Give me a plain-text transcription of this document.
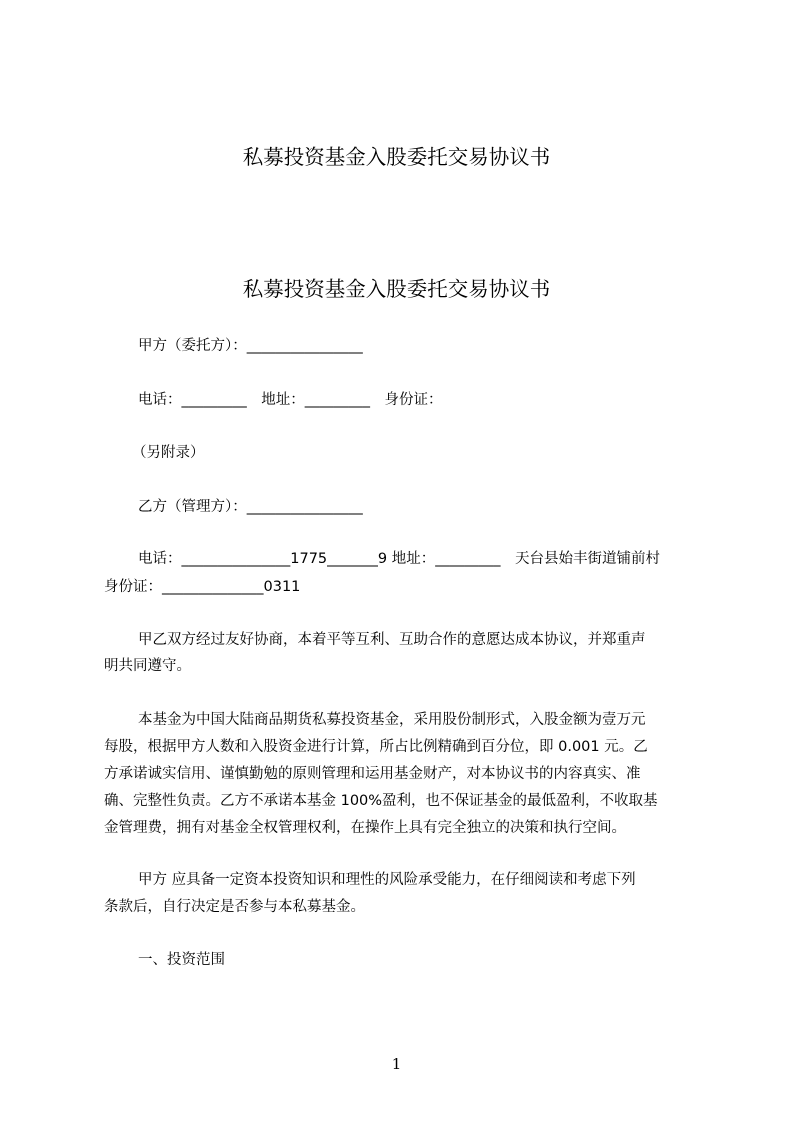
私募投资基金入股委托交易协议书
私募投资基金入股委托交易协议书

甲方（委托方）：________________

电话：_________　地址：_________　身份证：

（另附录）

乙方（管理方）：________________

电话：_______________1775_______9 地址：_________　天台县始丰街道铺前村

身份证：______________0311

甲乙双方经过友好协商，本着平等互利、互助合作的意愿达成本协议，并郑重声

明共同遵守。

本基金为中国大陆商品期货私募投资基金，采用股份制形式，入股金额为壹万元

每股，根据甲方人数和入股资金进行计算，所占比例精确到百分位，即 0.001 元。乙

方承诺诚实信用、谨慎勤勉的原则管理和运用基金财产，对本协议书的内容真实、准

确、完整性负责。乙方不承诺本基金 100%盈利，也不保证基金的最低盈利，不收取基

金管理费，拥有对基金全权管理权利，在操作上具有完全独立的决策和执行空间。

甲方 应具备一定资本投资知识和理性的风险承受能力，在仔细阅读和考虑下列

条款后，自行决定是否参与本私募基金。

一、投资范围

1
